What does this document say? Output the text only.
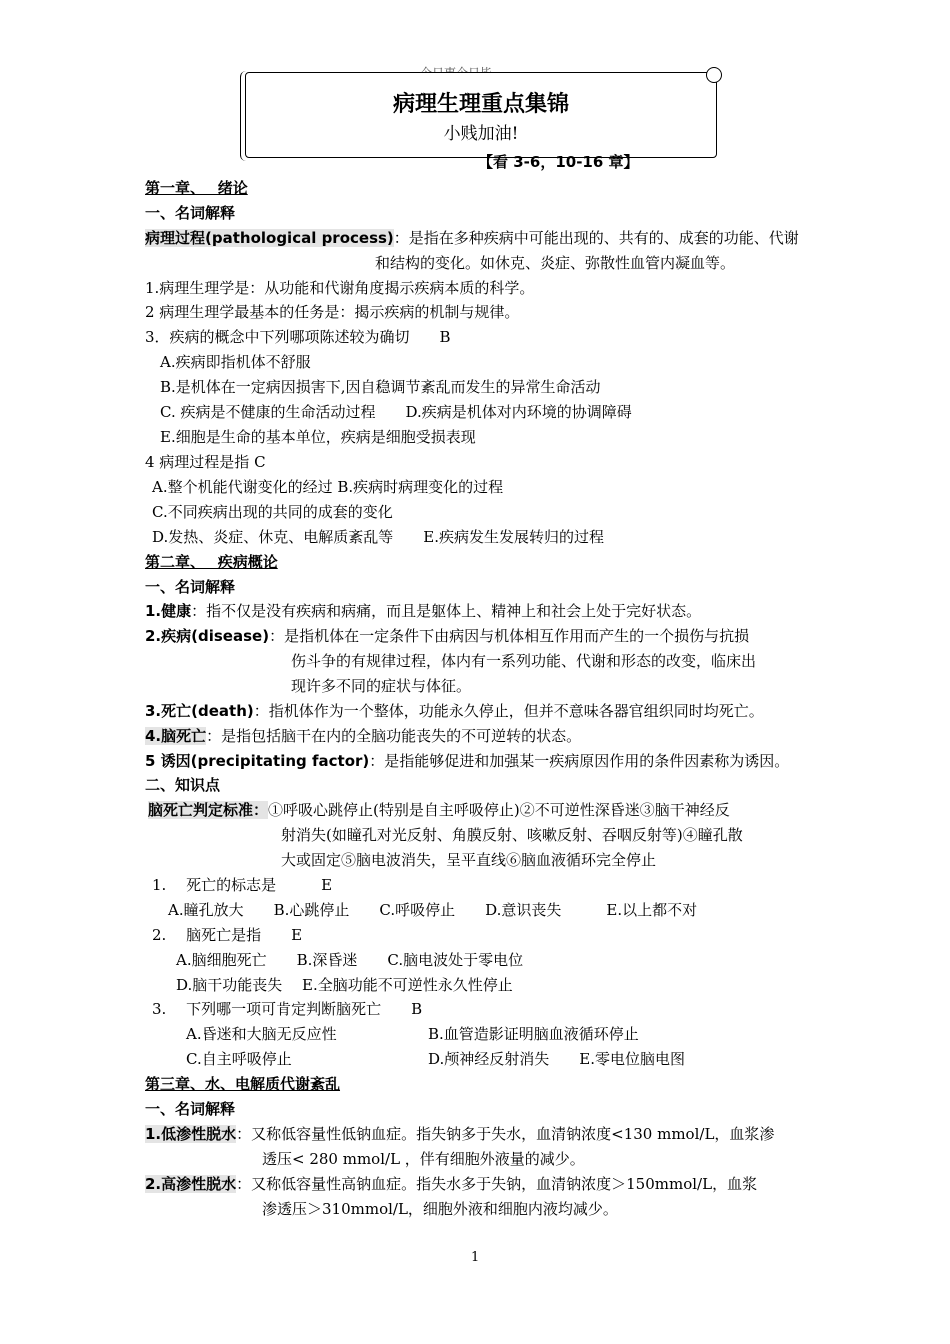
病理生理重点集锦
小贱加油!
【看 3-6，10-16 章】
第一章、　 绪论
一、名词解释
病理过程(pathological process)：是指在多种疾病中可能出现的、共有的、成套的功能、代谢
和结构的变化。如休克、炎症、弥散性血管内凝血等。
1.病理生理学是：从功能和代谢角度揭示疾病本质的科学。
2 病理生理学最基本的任务是：揭示疾病的机制与规律。
3．疾病的概念中下列哪项陈述较为确切　　B
A.疾病即指机体不舒服
B.是机体在一定病因损害下,因自稳调节紊乱而发生的异常生命活动
C. 疾病是不健康的生命活动过程　　D.疾病是机体对内环境的协调障碍
E.细胞是生命的基本单位，疾病是细胞受损表现
4 病理过程是指 C
A.整个机能代谢变化的经过 B.疾病时病理变化的过程
C.不同疾病出现的共同的成套的变化
D.发热、炎症、休克、电解质紊乱等　　E.疾病发生发展转归的过程
第二章、　 疾病概论
一、名词解释
1.健康：指不仅是没有疾病和病痛，而且是躯体上、精神上和社会上处于完好状态。
2.疾病(disease)：是指机体在一定条件下由病因与机体相互作用而产生的一个损伤与抗损
伤斗争的有规律过程，体内有一系列功能、代谢和形态的改变，临床出
现许多不同的症状与体征。
3.死亡(death)：指机体作为一个整体，功能永久停止，但并不意味各器官组织同时均死亡。
4.脑死亡：是指包括脑干在内的全脑功能丧失的不可逆转的状态。
5 诱因(precipitating factor)：是指能够促进和加强某一疾病原因作用的条件因素称为诱因。
二、知识点
脑死亡判定标准：①呼吸心跳停止(特别是自主呼吸停止)②不可逆性深昏迷③脑干神经反
射消失(如瞳孔对光反射、角膜反射、咳嗽反射、吞咽反射等)④瞳孔散
大或固定⑤脑电波消失，呈平直线⑥脑血液循环完全停止
1.　 死亡的标志是　　　E
A.瞳孔放大　　B.心跳停止　　C.呼吸停止　　D.意识丧失　　　E.以上都不对
2.　 脑死亡是指　　E
A.脑细胞死亡　　B.深昏迷　　C.脑电波处于零电位
D.脑干功能丧失　 E.全脑功能不可逆性永久性停止
3.　 下列哪一项可肯定判断脑死亡　　B
A.昏迷和大脑无反应性	B.血管造影证明脑血液循环停止
C.自主呼吸停止	D.颅神经反射消失　　E.零电位脑电图
第三章、水、电解质代谢紊乱
一、名词解释
1.低渗性脱水：又称低容量性低钠血症。指失钠多于失水，血清钠浓度<130 mmol/L，血浆渗
透压< 280 mmol/L ，伴有细胞外液量的减少。
2.高渗性脱水：又称低容量性高钠血症。指失水多于失钠，血清钠浓度＞150mmol/L，血浆
渗透压＞310mmol/L，细胞外液和细胞内液均减少。
1
